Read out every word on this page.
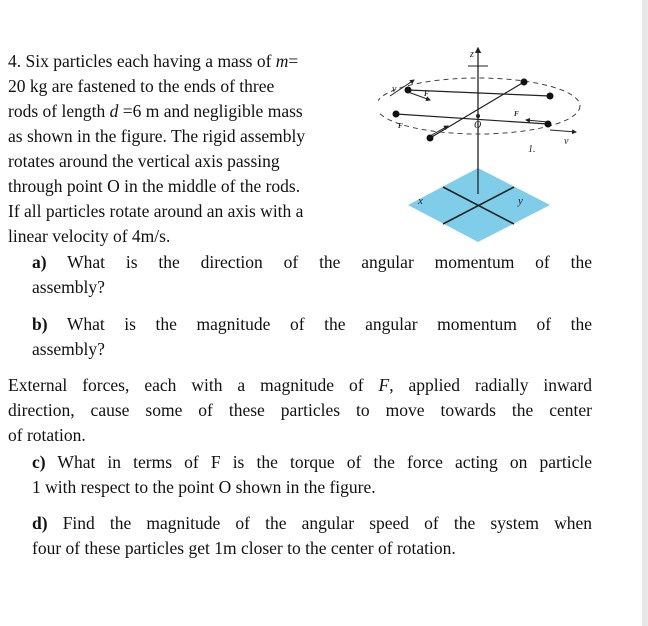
4. Six particles each having a mass of m=

20 kg are fastened to the ends of three

rods of length d =6 m and negligible mass

as shown in the figure. The rigid assembly

rotates around the vertical axis passing

through point O in the middle of the rods.

If all particles rotate around an axis with a

linear velocity of 4m/s.

a) What is the direction of the angular momentum of the

assembly?

b) What is the magnitude of the angular momentum of the

assembly?

External forces, each with a magnitude of F, applied radially inward

direction, cause some of these particles to move towards the center

of rotation.

c) What in terms of F is the torque of the force acting on particle

1 with respect to the point O shown in the figure.

d) Find the magnitude of the angular speed of the system when

four of these particles get 1m closer to the center of rotation.

x	y
z
O
1.
v
v
F
F
F
